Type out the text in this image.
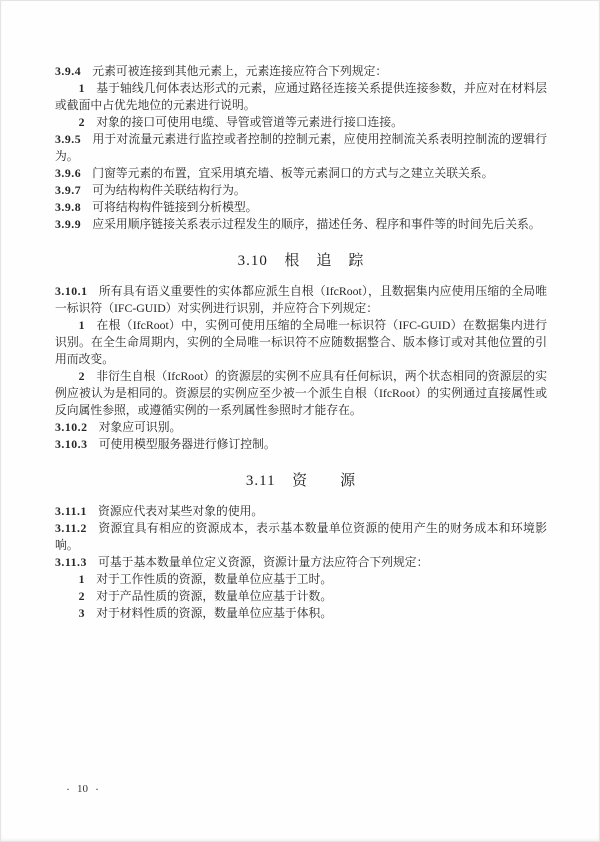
3.9.4 元素可被连接到其他元素上，元素连接应符合下列规定：

1 基于轴线几何体表达形式的元素，应通过路径连接关系提供连接参数，并应对在材料层或截面中占优先地位的元素进行说明。

2 对象的接口可使用电缆、导管或管道等元素进行接口连接。

3.9.5 用于对流量元素进行监控或者控制的控制元素，应使用控制流关系表明控制流的逻辑行为。

3.9.6 门窗等元素的布置，宜采用填充墙、板等元素洞口的方式与之建立关联关系。

3.9.7 可为结构构件关联结构行为。

3.9.8 可将结构构件链接到分析模型。

3.9.9 应采用顺序链接关系表示过程发生的顺序，描述任务、程序和事件等的时间先后关系。

3.10 根　追　踪

3.10.1 所有具有语义重要性的实体都应派生自根（IfcRoot），且数据集内应使用压缩的全局唯一标识符（IFC-GUID）对实例进行识别，并应符合下列规定：

1 在根（IfcRoot）中，实例可使用压缩的全局唯一标识符（IFC-GUID）在数据集内进行识别。在全生命周期内，实例的全局唯一标识符不应随数据整合、版本修订或对其他位置的引用而改变。

2 非衍生自根（IfcRoot）的资源层的实例不应具有任何标识，两个状态相同的资源层的实例应被认为是相同的。资源层的实例应至少被一个派生自根（IfcRoot）的实例通过直接属性或反向属性参照，或遵循实例的一系列属性参照时才能存在。

3.10.2 对象应可识别。

3.10.3 可使用模型服务器进行修订控制。

3.11 资　　源

3.11.1 资源应代表对某些对象的使用。

3.11.2 资源宜具有相应的资源成本，表示基本数量单位资源的使用产生的财务成本和环境影响。

3.11.3 可基于基本数量单位定义资源，资源计量方法应符合下列规定：

1 对于工作性质的资源，数量单位应基于工时。

2 对于产品性质的资源，数量单位应基于计数。

3 对于材料性质的资源，数量单位应基于体积。

· 10 ·
